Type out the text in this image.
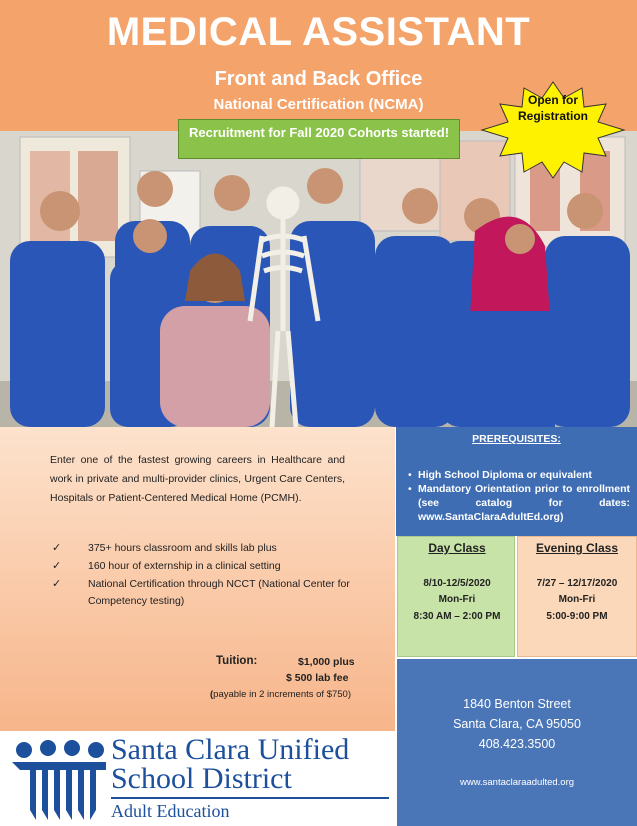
MEDICAL ASSISTANT
Front and Back Office
National Certification (NCMA)
Recruitment for Fall 2020 Cohorts started!
Open for
Registration
Enter one of the fastest growing careers in Healthcare and work in private and multi-provider clinics, Urgent Care Centers, Hospitals or Patient-Centered Medical Home (PCMH).
✓	375+ hours classroom and skills lab plus
✓	160 hour of externship in a clinical setting
✓	National Certification through NCCT (National Center for Competency testing)
Tuition:	$1,000 plus
$ 500 lab fee
(payable in 2 increments of $750)
PREREQUISITES:
• High School Diploma or equivalent
• Mandatory Orientation prior to enrollment (see catalog for dates: www.SantaClaraAdultEd.org)
Day Class
8/10-12/5/2020
Mon-Fri
8:30 AM – 2:00 PM
Evening Class
7/27 – 12/17/2020
Mon-Fri
5:00-9:00 PM
1840 Benton Street
Santa Clara, CA 95050
408.423.3500
www.santaclaraadulted.org
Santa Clara Unified
School District
Adult Education
